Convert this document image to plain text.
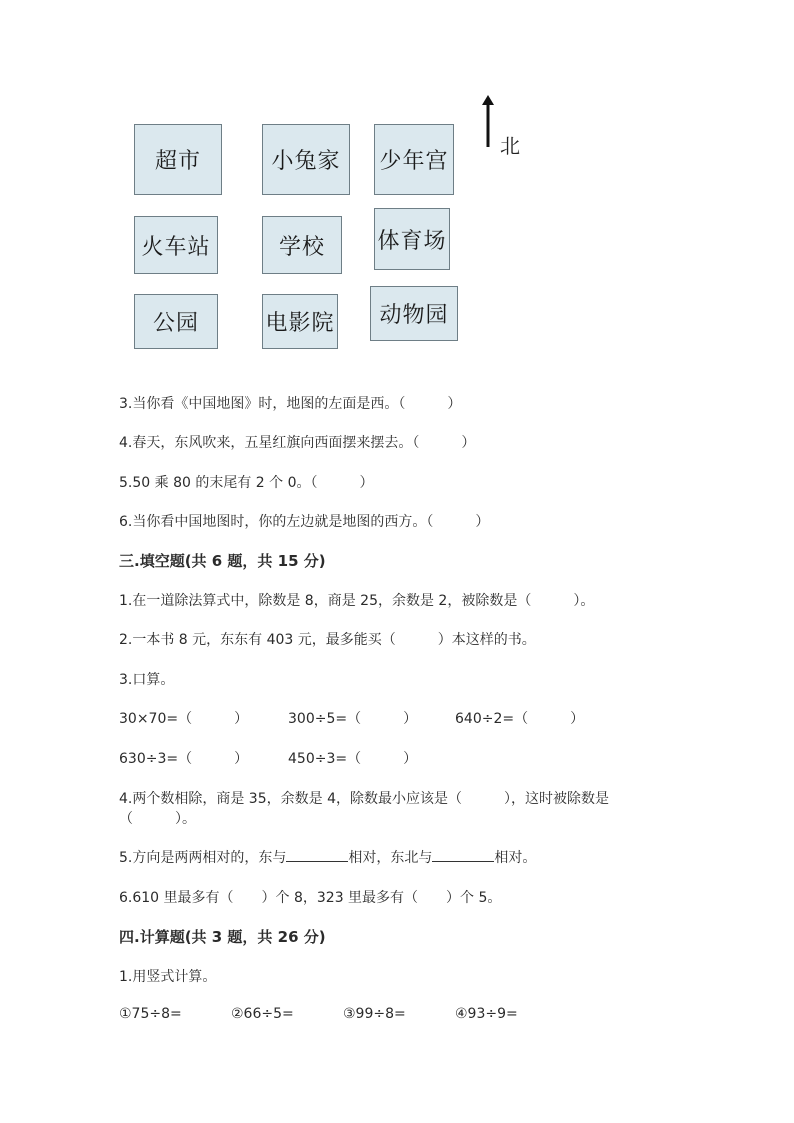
超市	小兔家	少年宫
火车站	学校	体育场
公园	电影院	动物园
北
3.当你看《中国地图》时，地图的左面是西。（　　　）
4.春天，东风吹来，五星红旗向西面摆来摆去。（　　　）
5.50 乘 80 的末尾有 2 个 0。（　　　）
6.当你看中国地图时，你的左边就是地图的西方。（　　　）
三.填空题(共 6 题，共 15 分)
1.在一道除法算式中，除数是 8，商是 25，余数是 2，被除数是（　　　）。
2.一本书 8 元，东东有 403 元，最多能买（　　　）本这样的书。
3.口算。
30×70=（　　　）	300÷5=（　　　）	640÷2=（　　　）
630÷3=（　　　）	450÷3=（　　　）
4.两个数相除，商是 35，余数是 4，除数最小应该是（　　　），这时被除数是
（　　　）。
5.方向是两两相对的，东与	相对，东北与	相对。
6.610 里最多有（　　）个 8，323 里最多有（　　）个 5。
四.计算题(共 3 题，共 26 分)
1.用竖式计算。
①75÷8=	②66÷5=	③99÷8=	④93÷9=
